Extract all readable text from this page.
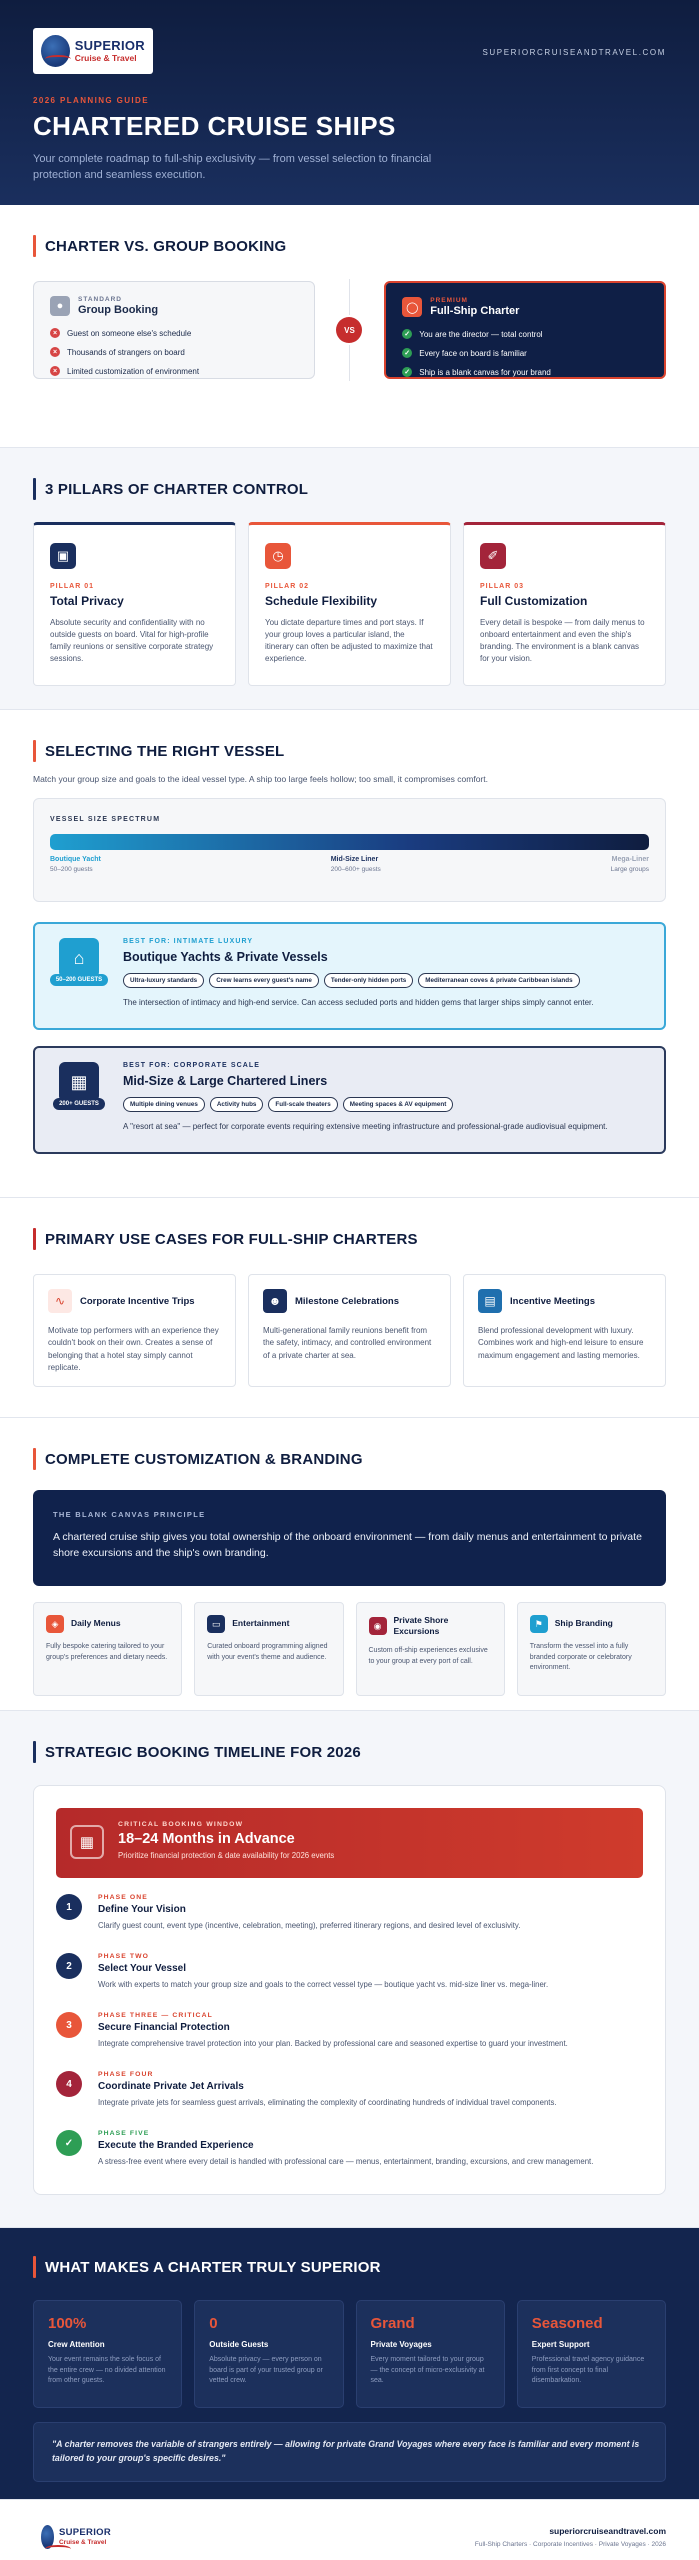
SUPERIOR
Cruise & Travel
SUPERIORCRUISEANDTRAVEL.COM
2026 PLANNING GUIDE
CHARTERED CRUISE SHIPS

Your complete roadmap to full-ship exclusivity — from vessel selection to financial protection and seamless execution.

CHARTER VS. GROUP BOOKING
●
STANDARD
Group Booking
×	Guest on someone else's schedule
×	Thousands of strangers on board
×	Limited customization of environment
VS
◯
PREMIUM
Full-Ship Charter
✓ You are the director — total control
✓ Every face on board is familiar
✓ Ship is a blank canvas for your brand
3 PILLARS OF CHARTER CONTROL
▣
PILLAR 01
Total Privacy

Absolute security and confidentiality with no outside guests on board. Vital for high-profile family reunions or sensitive corporate strategy sessions.

◷
PILLAR 02
Schedule Flexibility

You dictate departure times and port stays. If your group loves a particular island, the itinerary can often be adjusted to maximize that experience.

✐
PILLAR 03
Full Customization

Every detail is bespoke — from daily menus to onboard entertainment and even the ship's branding. The environment is a blank canvas for your vision.

SELECTING THE RIGHT VESSEL
Match your group size and goals to the ideal vessel type. A ship too large feels hollow; too small, it compromises comfort.
VESSEL SIZE SPECTRUM
Boutique Yacht
50–200 guests
Mid-Size Liner
200–600+ guests
Mega-Liner
Large groups
⌂
50–200 GUESTS
BEST FOR: INTIMATE LUXURY
Boutique Yachts & Private Vessels
Ultra-luxury standards	Crew learns every guest's name	Tender-only hidden ports	Mediterranean coves & private Caribbean islands

The intersection of intimacy and high-end service. Can access secluded ports and hidden gems that larger ships simply cannot enter.

▦
200+ GUESTS
BEST FOR: CORPORATE SCALE
Mid-Size & Large Chartered Liners
Multiple dining venues	Activity hubs	Full-scale theaters	Meeting spaces & AV equipment

A "resort at sea" — perfect for corporate events requiring extensive meeting infrastructure and professional-grade audiovisual equipment.

PRIMARY USE CASES FOR FULL-SHIP CHARTERS
∿	Corporate Incentive Trips

Motivate top performers with an experience they couldn't book on their own. Creates a sense of belonging that a hotel stay simply cannot replicate.

☻	Milestone Celebrations

Multi-generational family reunions benefit from the safety, intimacy, and controlled environment of a private charter at sea.

▤	Incentive Meetings

Blend professional development with luxury. Combines work and high-end leisure to ensure maximum engagement and lasting memories.

COMPLETE CUSTOMIZATION & BRANDING
THE BLANK CANVAS PRINCIPLE

A chartered cruise ship gives you total ownership of the onboard environment — from daily menus and entertainment to private shore excursions and the ship's own branding.

◈	Daily Menus

Fully bespoke catering tailored to your group's preferences and dietary needs.

▭	Entertainment

Curated onboard programming aligned with your event's theme and audience.

◉
Private Shore Excursions

Custom off-ship experiences exclusive to your group at every port of call.

⚑	Ship Branding

Transform the vessel into a fully branded corporate or celebratory environment.

STRATEGIC BOOKING TIMELINE FOR 2026
▦
CRITICAL BOOKING WINDOW
18–24 Months in Advance

Prioritize financial protection & date availability for 2026 events

1
PHASE ONE
Define Your Vision

Clarify guest count, event type (incentive, celebration, meeting), preferred itinerary regions, and desired level of exclusivity.

2
PHASE TWO
Select Your Vessel

Work with experts to match your group size and goals to the correct vessel type — boutique yacht vs. mid-size liner vs. mega-liner.

3
PHASE THREE — CRITICAL
Secure Financial Protection

Integrate comprehensive travel protection into your plan. Backed by professional care and seasoned expertise to guard your investment.

4
PHASE FOUR
Coordinate Private Jet Arrivals

Integrate private jets for seamless guest arrivals, eliminating the complexity of coordinating hundreds of individual travel components.

✓
PHASE FIVE
Execute the Branded Experience

A stress-free event where every detail is handled with professional care — menus, entertainment, branding, excursions, and crew management.

WHAT MAKES A CHARTER TRULY SUPERIOR
100%
Crew Attention

Your event remains the sole focus of the entire crew — no divided attention from other guests.

0
Outside Guests

Absolute privacy — every person on board is part of your trusted group or vetted crew.

Grand
Private Voyages

Every moment tailored to your group — the concept of micro-exclusivity at sea.

Seasoned
Expert Support

Professional travel agency guidance from first concept to final disembarkation.

"A charter removes the variable of strangers entirely — allowing for private Grand Voyages where every face is familiar and every moment is tailored to your group's specific desires."
SUPERIOR
Cruise & Travel
superiorcruiseandtravel.com
Full-Ship Charters · Corporate Incentives · Private Voyages · 2026
